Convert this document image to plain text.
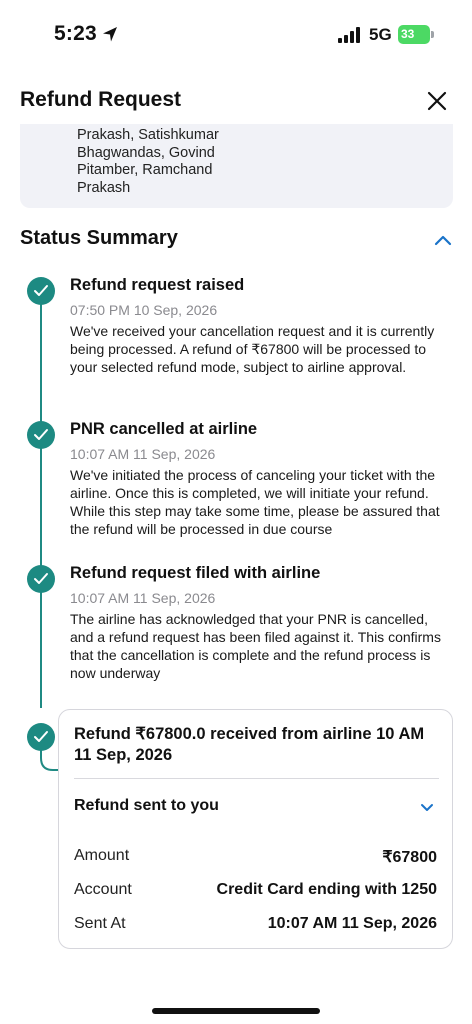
5:23	5G 33
Refund Request
Prakash, Satishkumar
Bhagwandas, Govind
Pitamber, Ramchand
Prakash
Status Summary
Refund request raised
07:50 PM 10 Sep, 2026
We've received your cancellation request and it is currently being processed. A refund of ₹67800 will be processed to your selected refund mode, subject to airline approval.
PNR cancelled at airline
10:07 AM 11 Sep, 2026
We've initiated the process of canceling your ticket with the airline. Once this is completed, we will initiate your refund. While this step may take some time, please be assured that the refund will be processed in due course
Refund request filed with airline
10:07 AM 11 Sep, 2026
The airline has acknowledged that your PNR is cancelled, and a refund request has been filed against it. This confirms that the cancellation is complete and the refund process is now underway
Refund ₹67800.0 received from airline 10 AM 11 Sep, 2026
Refund sent to you
Amount	₹67800
Account	Credit Card ending with 1250
Sent At	10:07 AM 11 Sep, 2026
